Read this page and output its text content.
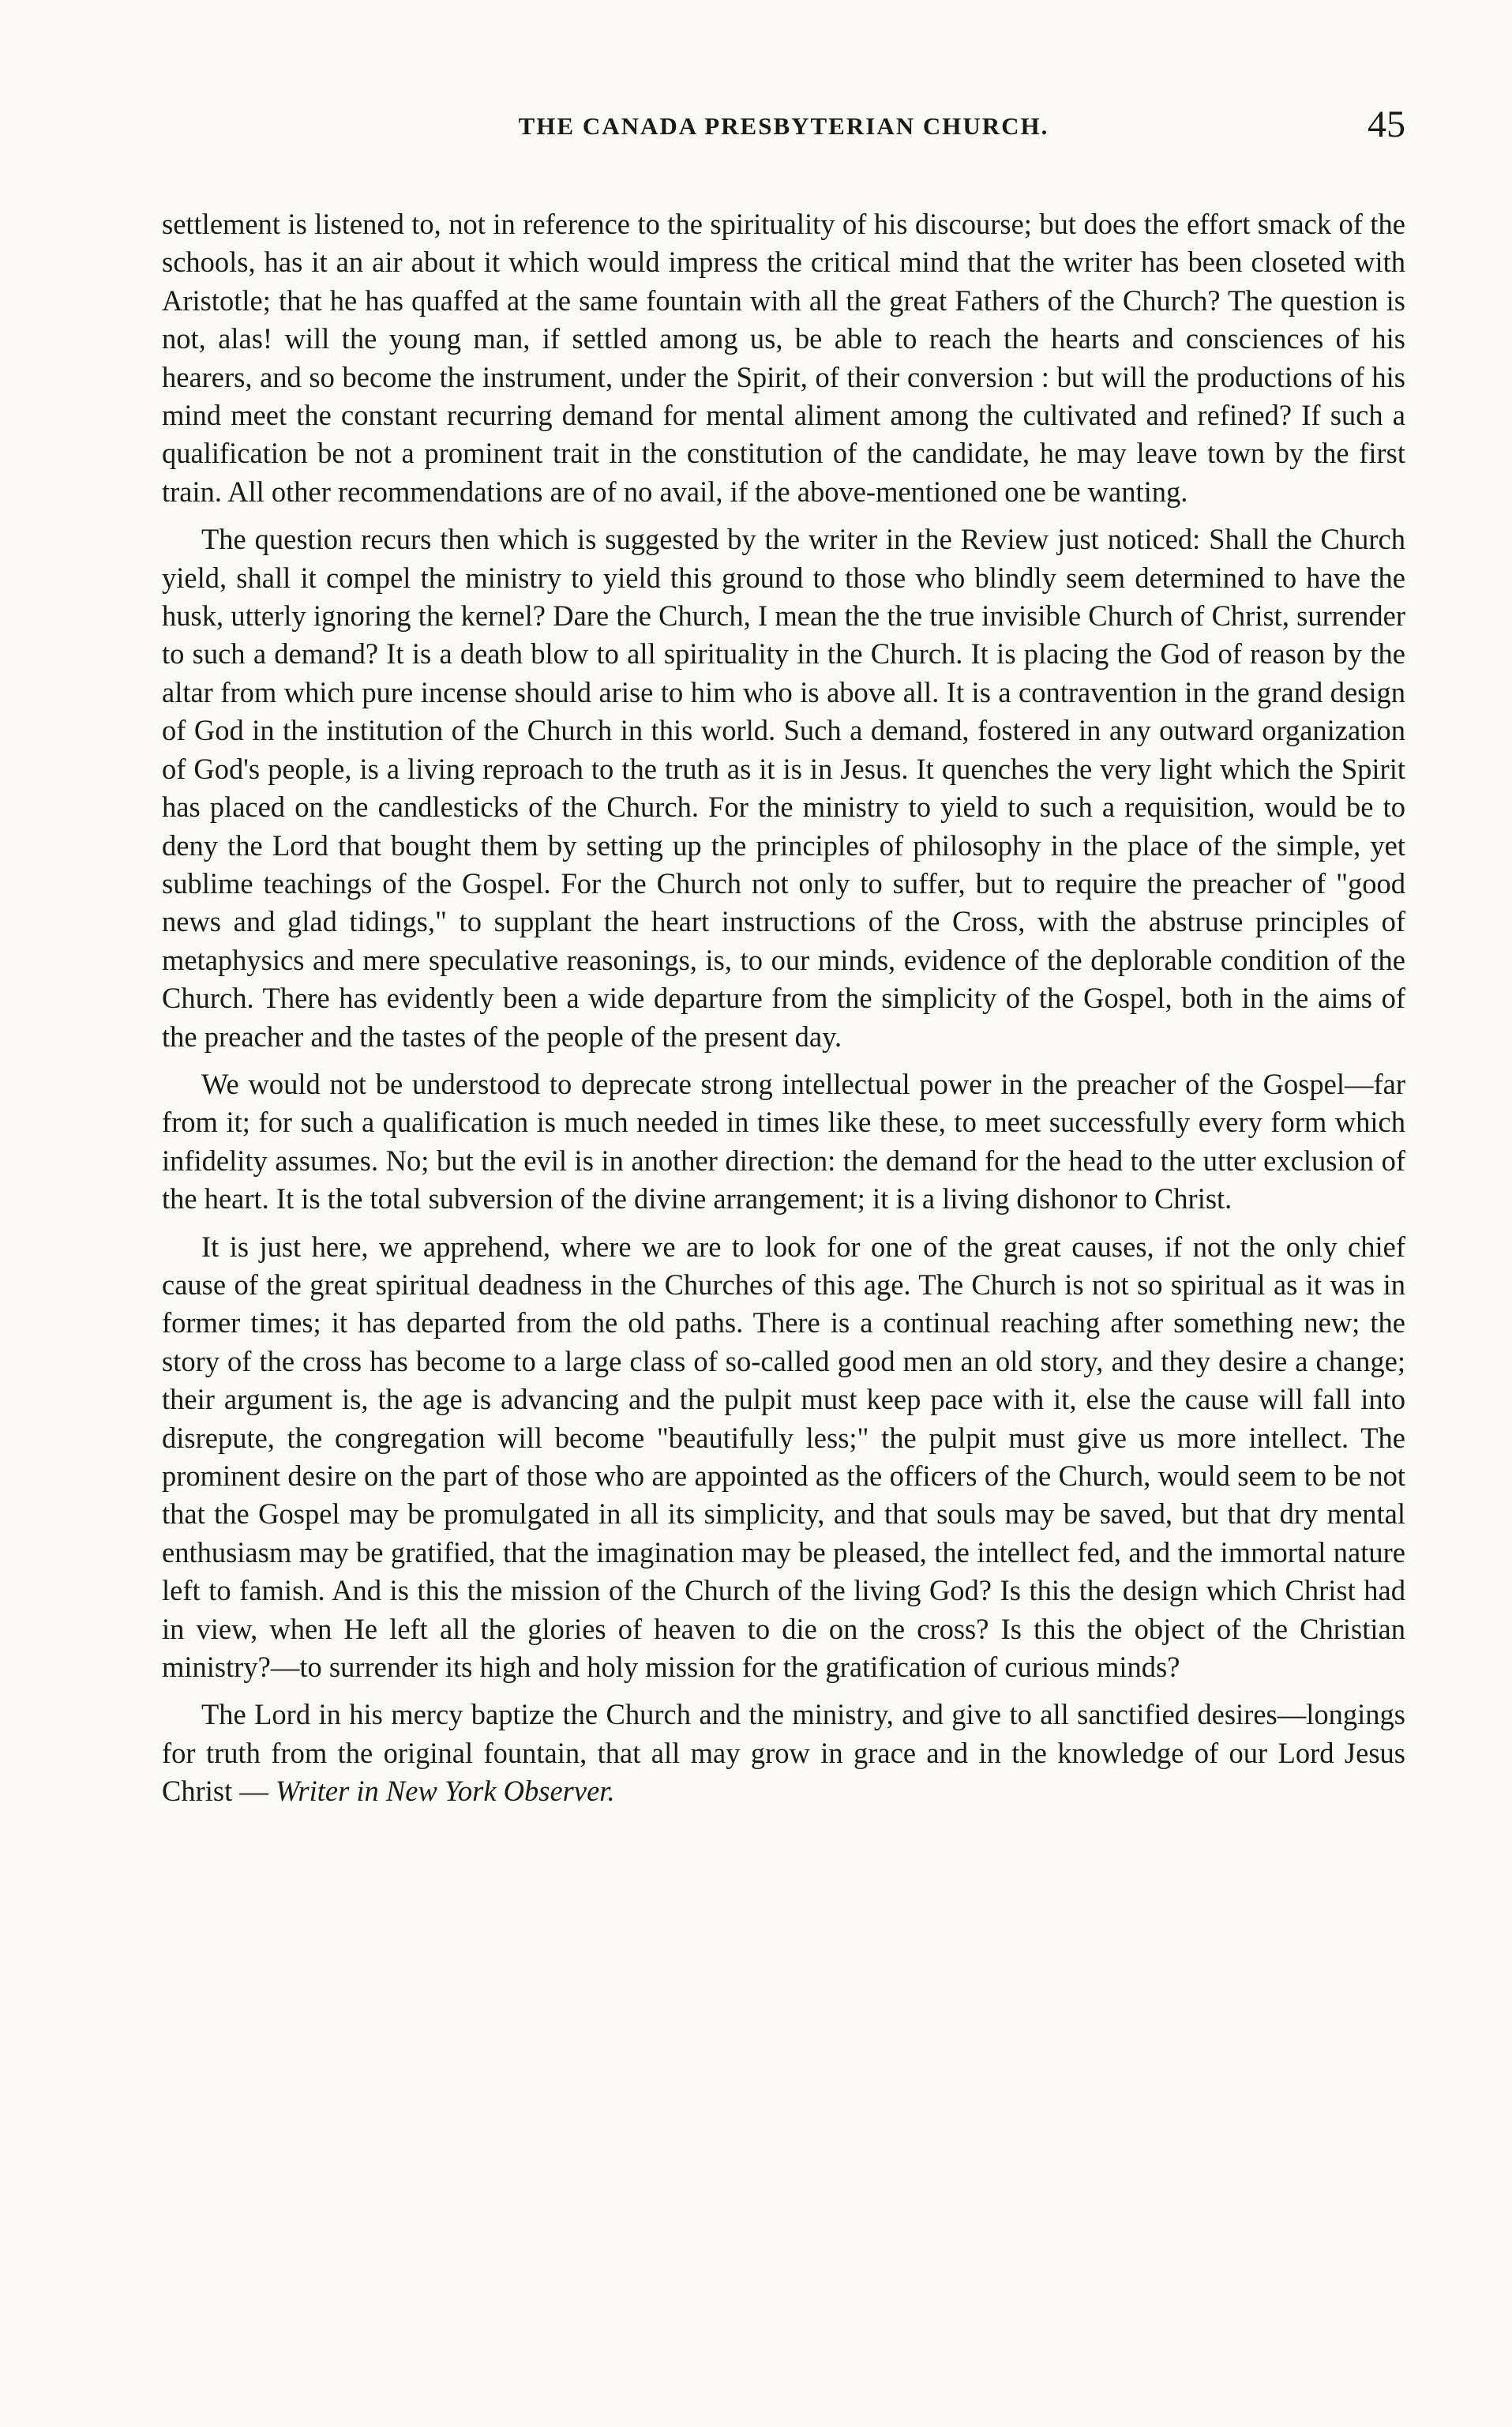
THE CANADA PRESBYTERIAN CHURCH.	45

settlement is listened to, not in reference to the spirituality of his discourse; but does the effort smack of the schools, has it an air about it which would impress the critical mind that the writer has been closeted with Aristotle; that he has quaffed at the same fountain with all the great Fathers of the Church? The question is not, alas! will the young man, if settled among us, be able to reach the hearts and consciences of his hearers, and so become the instrument, under the Spirit, of their conversion : but will the productions of his mind meet the constant recurring demand for mental aliment among the cultivated and refined? If such a qualification be not a prominent trait in the constitution of the candidate, he may leave town by the first train. All other recommendations are of no avail, if the above-mentioned one be wanting.

The question recurs then which is suggested by the writer in the Review just noticed: Shall the Church yield, shall it compel the ministry to yield this ground to those who blindly seem determined to have the husk, utterly ignoring the kernel? Dare the Church, I mean the the true invisible Church of Christ, surrender to such a demand? It is a death blow to all spirituality in the Church. It is placing the God of reason by the altar from which pure incense should arise to him who is above all. It is a contravention in the grand design of God in the institution of the Church in this world. Such a demand, fostered in any outward organization of God's people, is a living reproach to the truth as it is in Jesus. It quenches the very light which the Spirit has placed on the candlesticks of the Church. For the ministry to yield to such a requisition, would be to deny the Lord that bought them by setting up the principles of philosophy in the place of the simple, yet sublime teachings of the Gospel. For the Church not only to suffer, but to require the preacher of "good news and glad tidings," to supplant the heart instructions of the Cross, with the abstruse principles of metaphysics and mere speculative reasonings, is, to our minds, evidence of the deplorable condition of the Church. There has evidently been a wide departure from the simplicity of the Gospel, both in the aims of the preacher and the tastes of the people of the present day.

We would not be understood to deprecate strong intellectual power in the preacher of the Gospel—far from it; for such a qualification is much needed in times like these, to meet successfully every form which infidelity assumes. No; but the evil is in another direction: the demand for the head to the utter exclusion of the heart. It is the total subversion of the divine arrangement; it is a living dishonor to Christ.

It is just here, we apprehend, where we are to look for one of the great causes, if not the only chief cause of the great spiritual deadness in the Churches of this age. The Church is not so spiritual as it was in former times; it has departed from the old paths. There is a continual reaching after something new; the story of the cross has become to a large class of so-called good men an old story, and they desire a change; their argument is, the age is advancing and the pulpit must keep pace with it, else the cause will fall into disrepute, the congregation will become "beautifully less;" the pulpit must give us more intellect. The prominent desire on the part of those who are appointed as the officers of the Church, would seem to be not that the Gospel may be promulgated in all its simplicity, and that souls may be saved, but that dry mental enthusiasm may be gratified, that the imagination may be pleased, the intellect fed, and the immortal nature left to famish. And is this the mission of the Church of the living God? Is this the design which Christ had in view, when He left all the glories of heaven to die on the cross? Is this the object of the Christian ministry?—to surrender its high and holy mission for the gratification of curious minds?

The Lord in his mercy baptize the Church and the ministry, and give to all sanctified desires—longings for truth from the original fountain, that all may grow in grace and in the knowledge of our Lord Jesus Christ — Writer in New York Observer.
